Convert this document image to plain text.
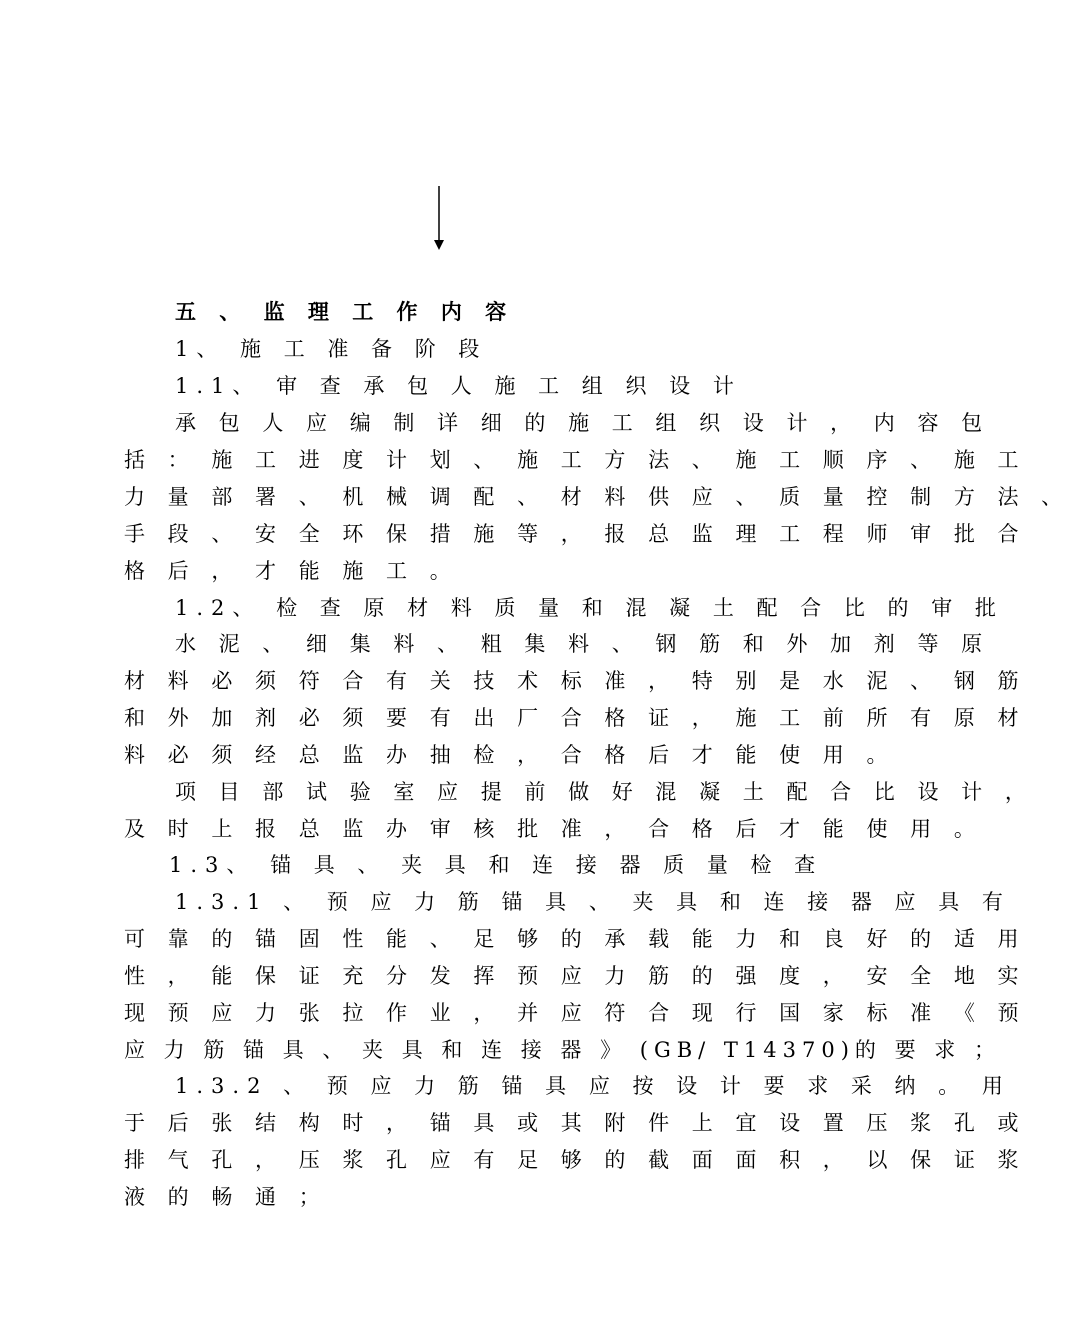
五 、 监 理 工 作 内 容
1、 施 工 准 备 阶 段
1.1、 审 查 承 包 人 施 工 组 织 设 计
承 包 人 应 编 制 详 细 的 施 工 组 织 设 计 ， 内 容 包
括 ： 施 工 进 度 计 划 、 施 工 方 法 、 施 工 顺 序 、 施 工
力 量 部 署 、 机 械 调 配 、 材 料 供 应 、 质 量 控 制 方 法 、
手 段 、 安 全 环 保 措 施 等 ， 报 总 监 理 工 程 师 审 批 合
格 后 ， 才 能 施 工 。
1.2、 检 查 原 材 料 质 量 和 混 凝 土 配 合 比 的 审 批
水 泥 、 细 集 料 、 粗 集 料 、 钢 筋 和 外 加 剂 等 原
材 料 必 须 符 合 有 关 技 术 标 准 ， 特 别 是 水 泥 、 钢 筋
和 外 加 剂 必 须 要 有 出 厂 合 格 证 ， 施 工 前 所 有 原 材
料 必 须 经 总 监 办 抽 检 ， 合 格 后 才 能 使 用 。
项 目 部 试 验 室 应 提 前 做 好 混 凝 土 配 合 比 设 计 ，
及 时 上 报 总 监 办 审 核 批 准 ， 合 格 后 才 能 使 用 。
1.3、 锚 具 、 夹 具 和 连 接 器 质 量 检 查
1.3.1 、 预 应 力 筋 锚 具 、 夹 具 和 连 接 器 应 具 有
可 靠 的 锚 固 性 能 、 足 够 的 承 载 能 力 和 良 好 的 适 用
性 ， 能 保 证 充 分 发 挥 预 应 力 筋 的 强 度 ， 安 全 地 实
现 预 应 力 张 拉 作 业 ， 并 应 符 合 现 行 国 家 标 准 《 预
应 力 筋 锚 具 、 夹 具 和 连 接 器 》 (GB/ T14370)的 要 求 ；
1.3.2 、 预 应 力 筋 锚 具 应 按 设 计 要 求 采 纳 。 用
于 后 张 结 构 时 ， 锚 具 或 其 附 件 上 宜 设 置 压 浆 孔 或
排 气 孔 ， 压 浆 孔 应 有 足 够 的 截 面 面 积 ， 以 保 证 浆
液 的 畅 通 ；
